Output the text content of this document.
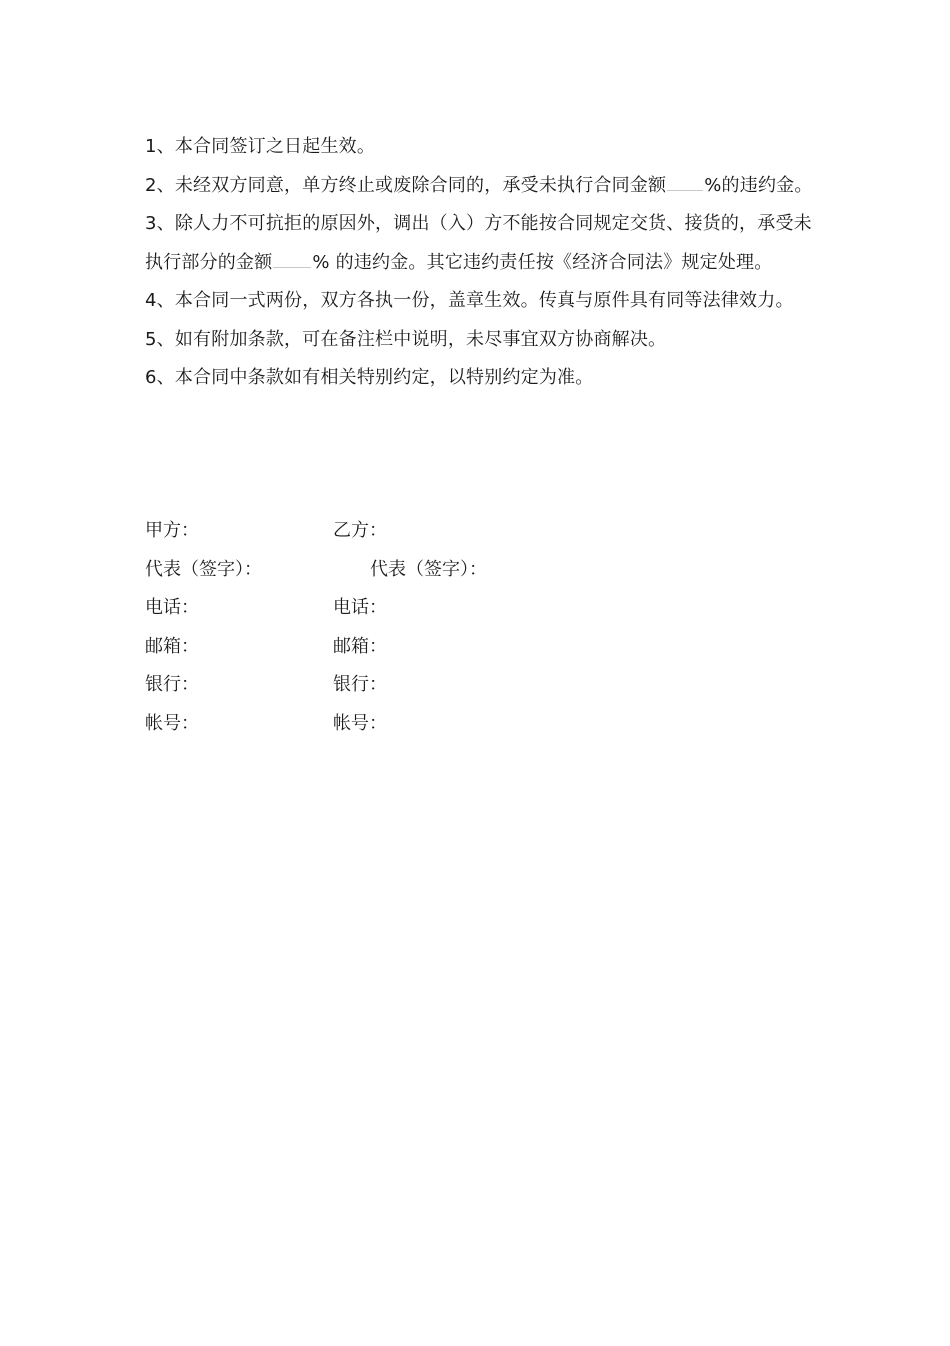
1、本合同签订之日起生效。

2、未经双方同意，单方终止或废除合同的，承受未执行合同金额 %的违约金。

3、除人力不可抗拒的原因外，调出（入）方不能按合同规定交货、接货的，承受未执行部分的金额 % 的违约金。其它违约责任按《经济合同法》规定处理。

4、本合同一式两份，双方各执一份，盖章生效。传真与原件具有同等法律效力。

5、如有附加条款，可在备注栏中说明，未尽事宜双方协商解决。

6、本合同中条款如有相关特别约定，以特别约定为准。

甲方：	乙方：
代表（签字）：	代表（签字）：
电话：	电话：
邮箱：	邮箱：
银行：	银行：
帐号：	帐号：
